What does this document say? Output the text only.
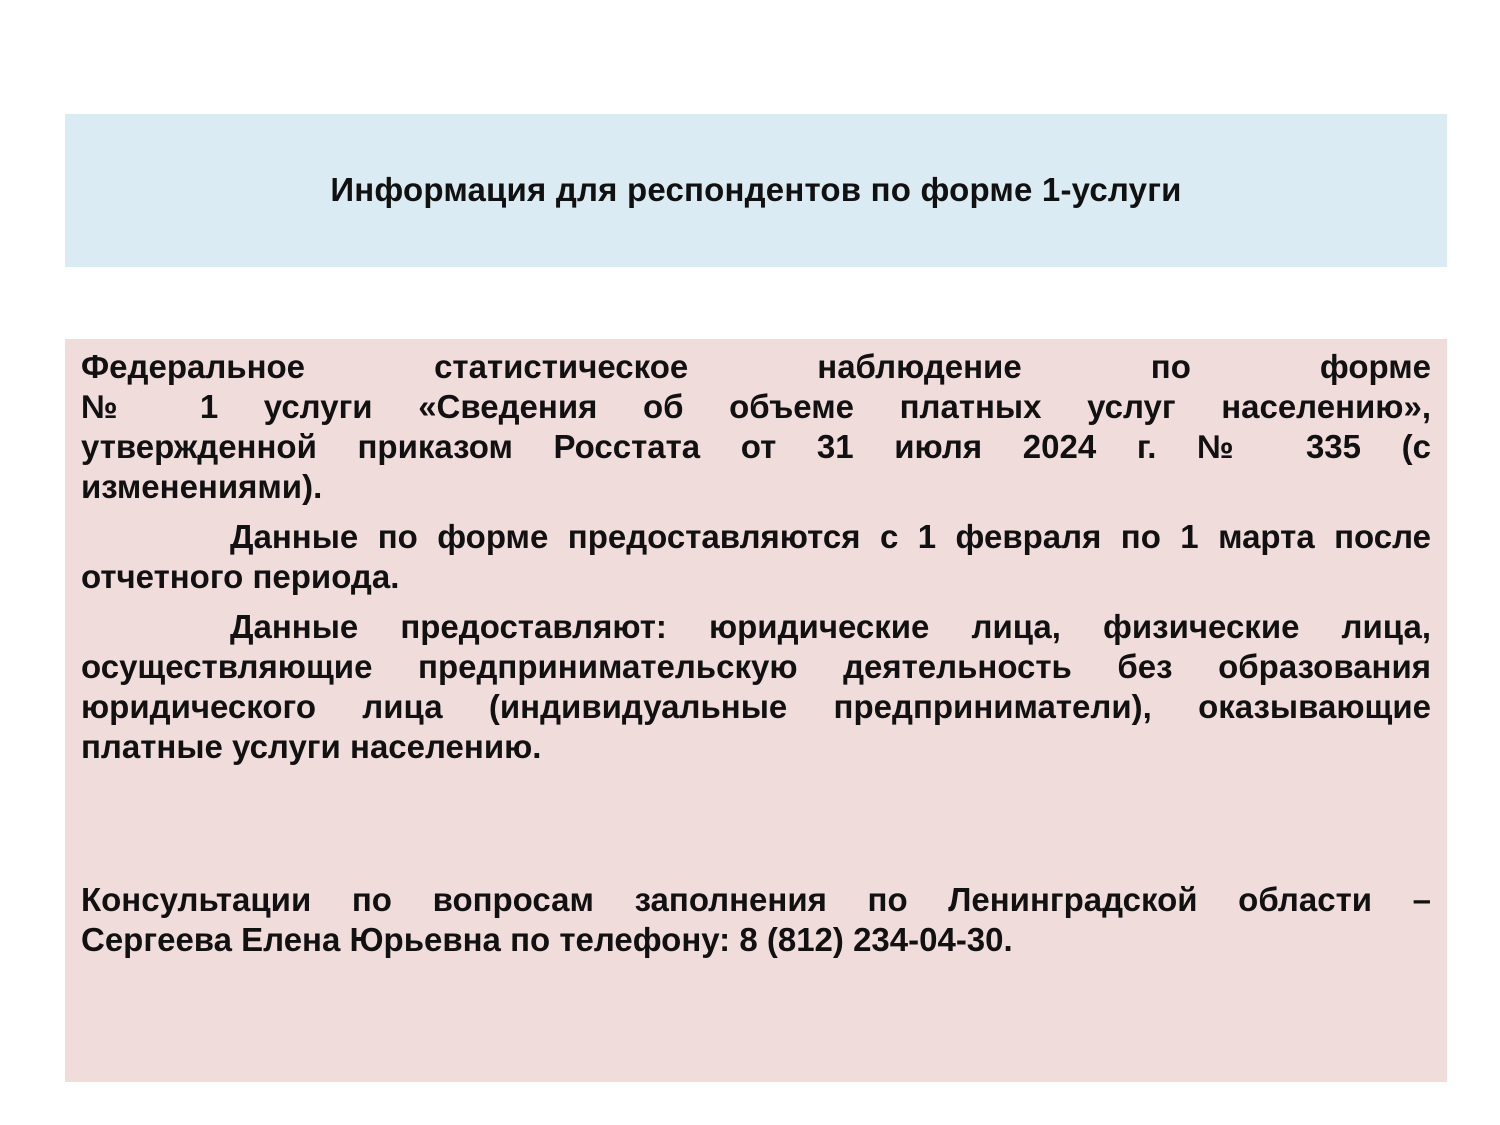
Информация для респондентов по форме 1-услуги
Федеральное статистическое наблюдение по форме
№ 1 услуги «Сведения об объеме платных услуг населению»,
утвержденной приказом Росстата от 31 июля 2024 г. № 335 (с
изменениями).
Данные по форме предоставляются с 1 февраля по 1 марта после
отчетного периода.
Данные предоставляют: юридические лица, физические лица,
осуществляющие предпринимательскую деятельность без образования
юридического лица (индивидуальные предприниматели), оказывающие
платные услуги населению.
Консультации по вопросам заполнения по Ленинградской области –
Сергеева Елена Юрьевна по телефону: 8 (812) 234-04-30.
